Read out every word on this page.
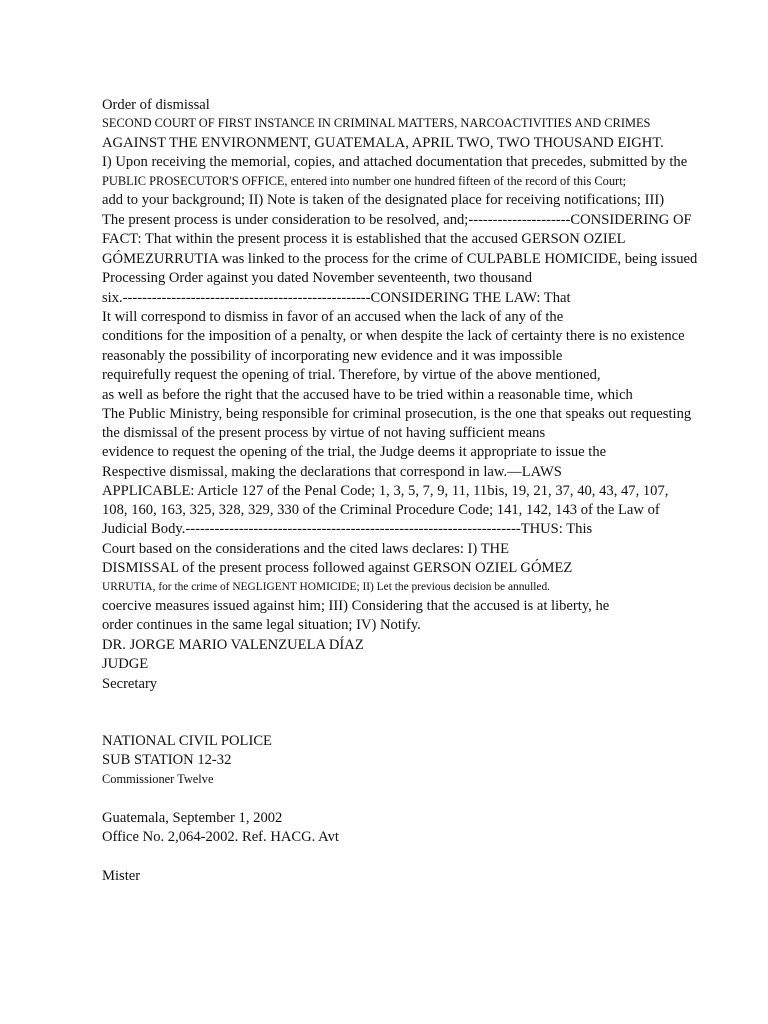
Order of dismissal
SECOND COURT OF FIRST INSTANCE IN CRIMINAL MATTERS, NARCOACTIVITIES AND CRIMES
AGAINST THE ENVIRONMENT, GUATEMALA, APRIL TWO, TWO THOUSAND EIGHT.
I) Upon receiving the memorial, copies, and attached documentation that precedes, submitted by the
PUBLIC PROSECUTOR'S OFFICE, entered into number one hundred fifteen of the record of this Court;
add to your background; II) Note is taken of the designated place for receiving notifications; III)
The present process is under consideration to be resolved, and;---------------------CONSIDERING OF
FACT: That within the present process it is established that the accused GERSON OZIEL
GÓMEZURRUTIA was linked to the process for the crime of CULPABLE HOMICIDE, being issued
Processing Order against you dated November seventeenth, two thousand
six.---------------------------------------------------CONSIDERING THE LAW: That
It will correspond to dismiss in favor of an accused when the lack of any of the
conditions for the imposition of a penalty, or when despite the lack of certainty there is no existence
reasonably the possibility of incorporating new evidence and it was impossible
requirefully request the opening of trial. Therefore, by virtue of the above mentioned,
as well as before the right that the accused have to be tried within a reasonable time, which
The Public Ministry, being responsible for criminal prosecution, is the one that speaks out requesting
the dismissal of the present process by virtue of not having sufficient means
evidence to request the opening of the trial, the Judge deems it appropriate to issue the
Respective dismissal, making the declarations that correspond in law.—LAWS
APPLICABLE: Article 127 of the Penal Code; 1, 3, 5, 7, 9, 11, 11bis, 19, 21, 37, 40, 43, 47, 107,
108, 160, 163, 325, 328, 329, 330 of the Criminal Procedure Code; 141, 142, 143 of the Law of
Judicial Body.---------------------------------------------------------------------THUS: This
Court based on the considerations and the cited laws declares: I) THE
DISMISSAL of the present process followed against GERSON OZIEL GÓMEZ
URRUTIA, for the crime of NEGLIGENT HOMICIDE; II) Let the previous decision be annulled.
coercive measures issued against him; III) Considering that the accused is at liberty, he
order continues in the same legal situation; IV) Notify.
DR. JORGE MARIO VALENZUELA DÍAZ
JUDGE
Secretary
NATIONAL CIVIL POLICE
SUB STATION 12-32
Commissioner Twelve
Guatemala, September 1, 2002
Office No. 2,064-2002. Ref. HACG. Avt
Mister
